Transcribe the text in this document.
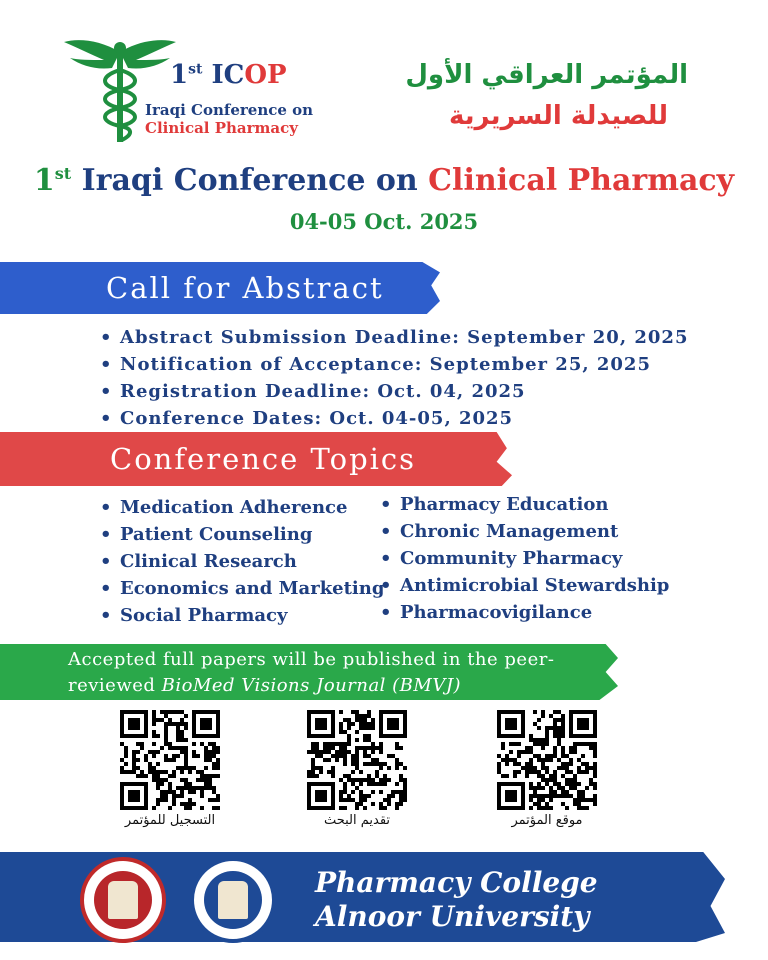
1st ICOP
Iraqi Conference on
Clinical Pharmacy
المؤتمر العراقي الأول
للصيدلة السريرية
1st Iraqi Conference on Clinical Pharmacy
04-05 Oct. 2025
Call for Abstract
• Abstract Submission Deadline: September 20, 2025
• Notification of Acceptance: September 25, 2025
• Registration Deadline: Oct. 04, 2025
• Conference Dates: Oct. 04-05, 2025
Conference Topics
• Medication Adherence
• Patient Counseling
• Clinical Research
• Economics and Marketing
• Social Pharmacy
• Pharmacy Education
• Chronic Management
• Community Pharmacy
• Antimicrobial Stewardship
• Pharmacovigilance
Accepted full papers will be published in the peer-
reviewed BioMed Visions Journal (BMVJ)
التسجيل للمؤتمر	تقديم البحث	موقع المؤتمر
Pharmacy College
Alnoor University
